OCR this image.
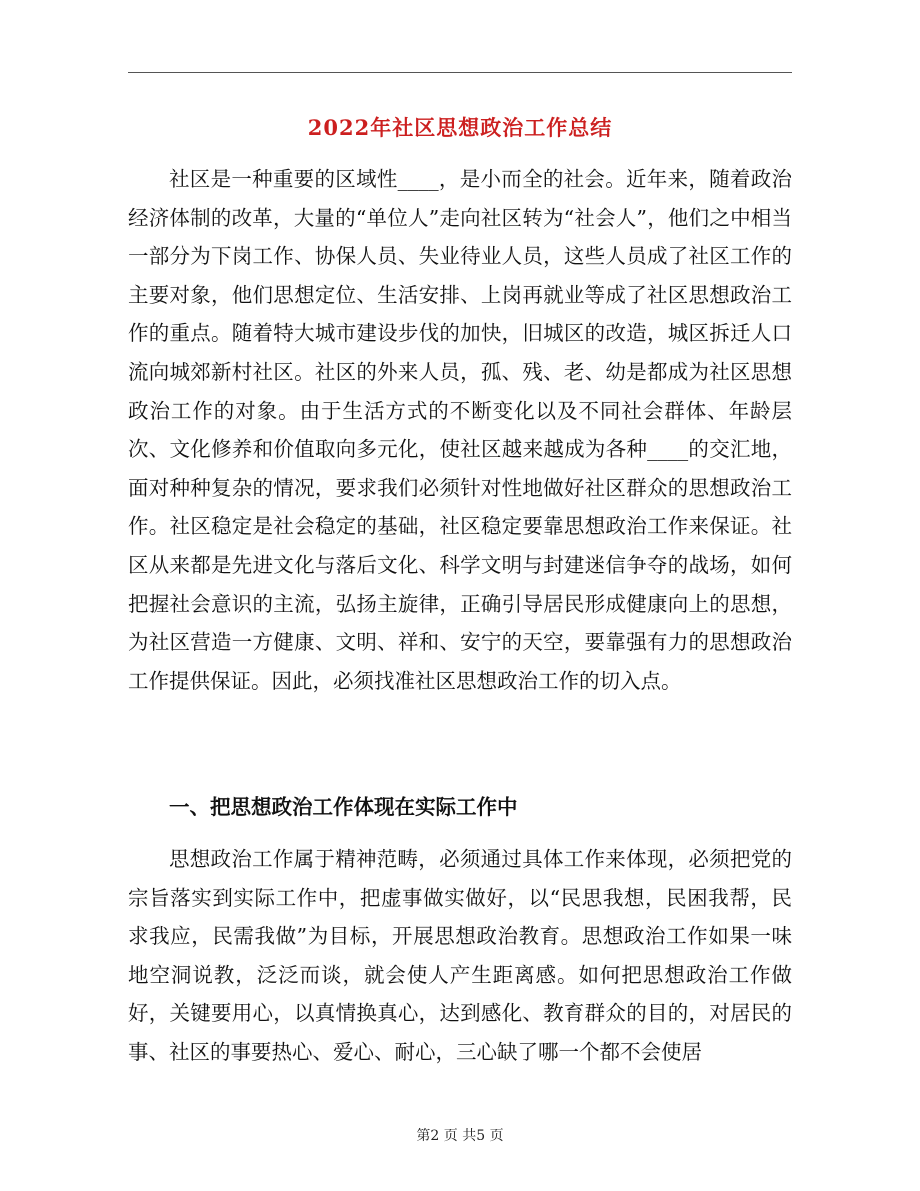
2022年社区思想政治工作总结

社区是一种重要的区域性____，是小而全的社会。近年来，随着政治经济体制的改革，大量的“单位人”走向社区转为“社会人”，他们之中相当一部分为下岗工作、协保人员、失业待业人员，这些人员成了社区工作的主要对象，他们思想定位、生活安排、上岗再就业等成了社区思想政治工作的重点。随着特大城市建设步伐的加快，旧城区的改造，城区拆迁人口流向城郊新村社区。社区的外来人员，孤、残、老、幼是都成为社区思想政治工作的对象。由于生活方式的不断变化以及不同社会群体、年龄层次、文化修养和价值取向多元化，使社区越来越成为各种____的交汇地，面对种种复杂的情况，要求我们必须针对性地做好社区群众的思想政治工作。社区稳定是社会稳定的基础，社区稳定要靠思想政治工作来保证。社区从来都是先进文化与落后文化、科学文明与封建迷信争夺的战场，如何把握社会意识的主流，弘扬主旋律，正确引导居民形成健康向上的思想，为社区营造一方健康、文明、祥和、安宁的天空，要靠强有力的思想政治工作提供保证。因此，必须找准社区思想政治工作的切入点。

一、把思想政治工作体现在实际工作中

思想政治工作属于精神范畴，必须通过具体工作来体现，必须把党的宗旨落实到实际工作中，把虚事做实做好，以“民思我想，民困我帮，民求我应，民需我做”为目标，开展思想政治教育。思想政治工作如果一味地空洞说教，泛泛而谈，就会使人产生距离感。如何把思想政治工作做好，关键要用心，以真情换真心，达到感化、教育群众的目的，对居民的事、社区的事要热心、爱心、耐心，三心缺了哪一个都不会使居

第2 页 共5 页
